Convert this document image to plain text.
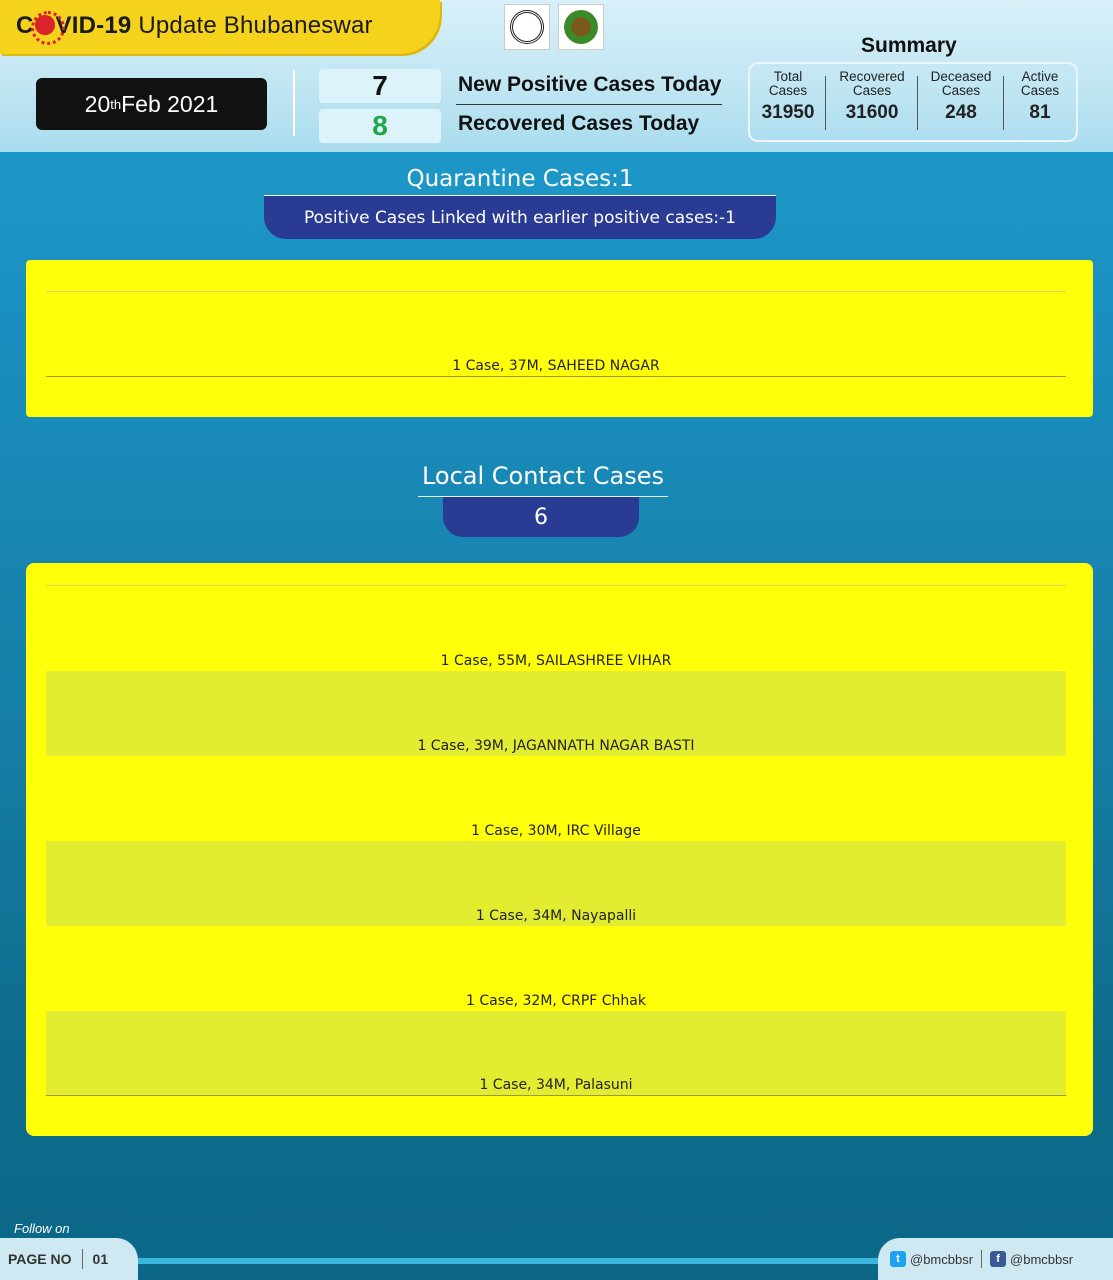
C VID-19 Update Bhubaneswar
20 th Feb 2021
7
8
New Positive Cases Today
Recovered Cases Today
Summary
Total
Cases
31950
Recovered
Cases
31600
Deceased
Cases
248
Active
Cases
81
Quarantine Cases:1
Positive Cases Linked with earlier positive cases:-1
1 Case, 37M, SAHEED NAGAR
Local Contact Cases
6
1 Case, 55M, SAILASHREE VIHAR
1 Case, 39M, JAGANNATH NAGAR BASTI
1 Case, 30M, IRC Village
1 Case, 34M, Nayapalli
1 Case, 32M, CRPF Chhak
1 Case, 34M, Palasuni
Follow on
PAGE NO 01	t @bmcbbsr	f @bmcbbsr
